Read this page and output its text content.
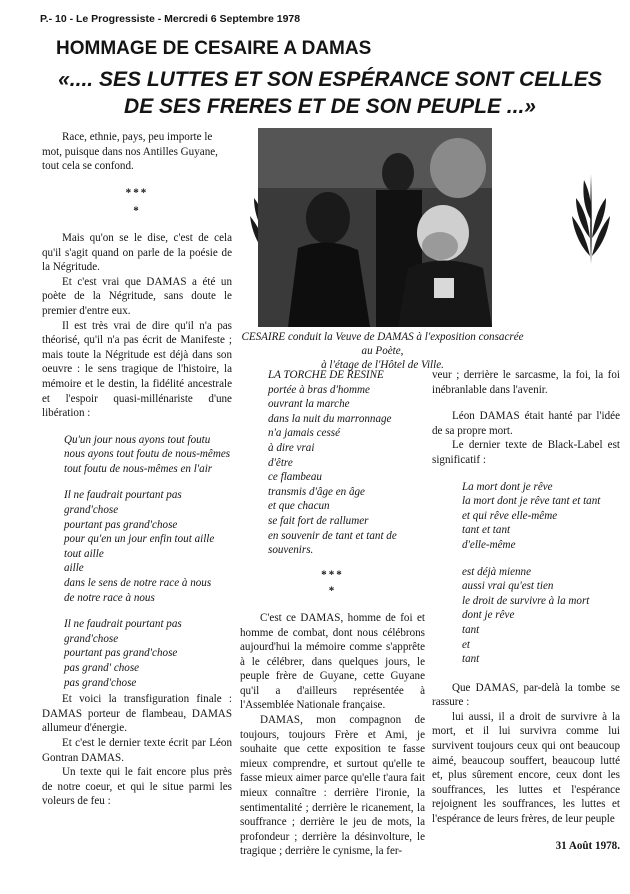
P.- 10 - Le Progressiste - Mercredi 6 Septembre 1978
HOMMAGE DE CESAIRE A DAMAS
«.... SES LUTTES ET SON ESPÉRANCE SONT CELLES
DE SES FRERES ET DE SON PEUPLE ...»
CESAIRE conduit la Veuve de DAMAS à l'exposition consacrée au Poète,
à l'étage de l'Hôtel de Ville.

Race, ethnie, pays, peu importe le mot, puisque dans nos Antilles Guyane, tout cela se confond.

***
*

Mais qu'on se le dise, c'est de cela qu'il s'agit quand on parle de la poésie de la Négritude.

Et c'est vrai que DAMAS a été un poète de la Négritude, sans doute le premier d'entre eux.

Il est très vrai de dire qu'il n'a pas théorisé, qu'il n'a pas écrit de Manifeste ; mais toute la Négritude est déjà dans son oeuvre : le sens tragique de l'histoire, la mémoire et le destin, la fidélité ancestrale et l'espoir quasi-millénariste d'une libération :

Qu'un jour nous ayons tout foutu
nous ayons tout foutu de nous-mêmes
tout foutu de nous-mêmes en l'air
Il ne faudrait pourtant pas grand'chose
pourtant pas grand'chose
pour qu'en un jour enfin tout aille
tout aille
aille
dans le sens de notre race à nous
de notre race à nous
Il ne faudrait pourtant pas grand'chose
pourtant pas grand'chose
pas grand' chose
pas grand'chose

Et voici la transfiguration finale : DAMAS porteur de flambeau, DAMAS allumeur d'énergie.

Et c'est le dernier texte écrit par Léon Gontran DAMAS.

Un texte qui le fait encore plus près de notre coeur, et qui le situe parmi les voleurs de feu :

LA TORCHE DE RESINE
portée à bras d'homme
ouvrant la marche
dans la nuit du marronnage
n'a jamais cessé
à dire vrai
d'être
ce flambeau
transmis d'âge en âge
et que chacun
se fait fort de rallumer
en souvenir de tant et tant de souvenirs.
***
*

C'est ce DAMAS, homme de foi et homme de combat, dont nous célébrons aujourd'hui la mémoire comme s'apprête à le célébrer, dans quelques jours, le peuple frère de Guyane, cette Guyane qu'il a d'ailleurs représentée à l'Assemblée Nationale française.

DAMAS, mon compagnon de toujours, toujours Frère et Ami, je souhaite que cette exposition te fasse mieux comprendre, et surtout qu'elle te fasse mieux aimer parce qu'elle t'aura fait mieux connaître : derrière l'ironie, la sentimentalité ; derrière le ricanement, la souffrance ; derrière le jeu de mots, la profondeur ; derrière la désinvolture, le tragique ; derrière le cynisme, la fer-

veur ; derrière le sarcasme, la foi, la foi inébranlable dans l'avenir.

Léon DAMAS était hanté par l'idée de sa propre mort.

Le dernier texte de Black-Label est significatif :

La mort dont je rêve
la mort dont je rêve tant et tant
et qui rêve elle-même
tant et tant
d'elle-même
est déjà mienne
aussi vrai qu'est tien
le droit de survivre à la mort
dont je rêve
tant
et
tant

Que DAMAS, par-delà la tombe se rassure :

lui aussi, il a droit de survivre à la mort, et il lui survivra comme lui survivent toujours ceux qui ont beaucoup aimé, beaucoup souffert, beaucoup lutté et, plus sûrement encore, ceux dont les souffrances, les luttes et l'espérance rejoignent les souffrances, les luttes et l'espérance de leurs frères, de leur peuple

31 Août 1978.
